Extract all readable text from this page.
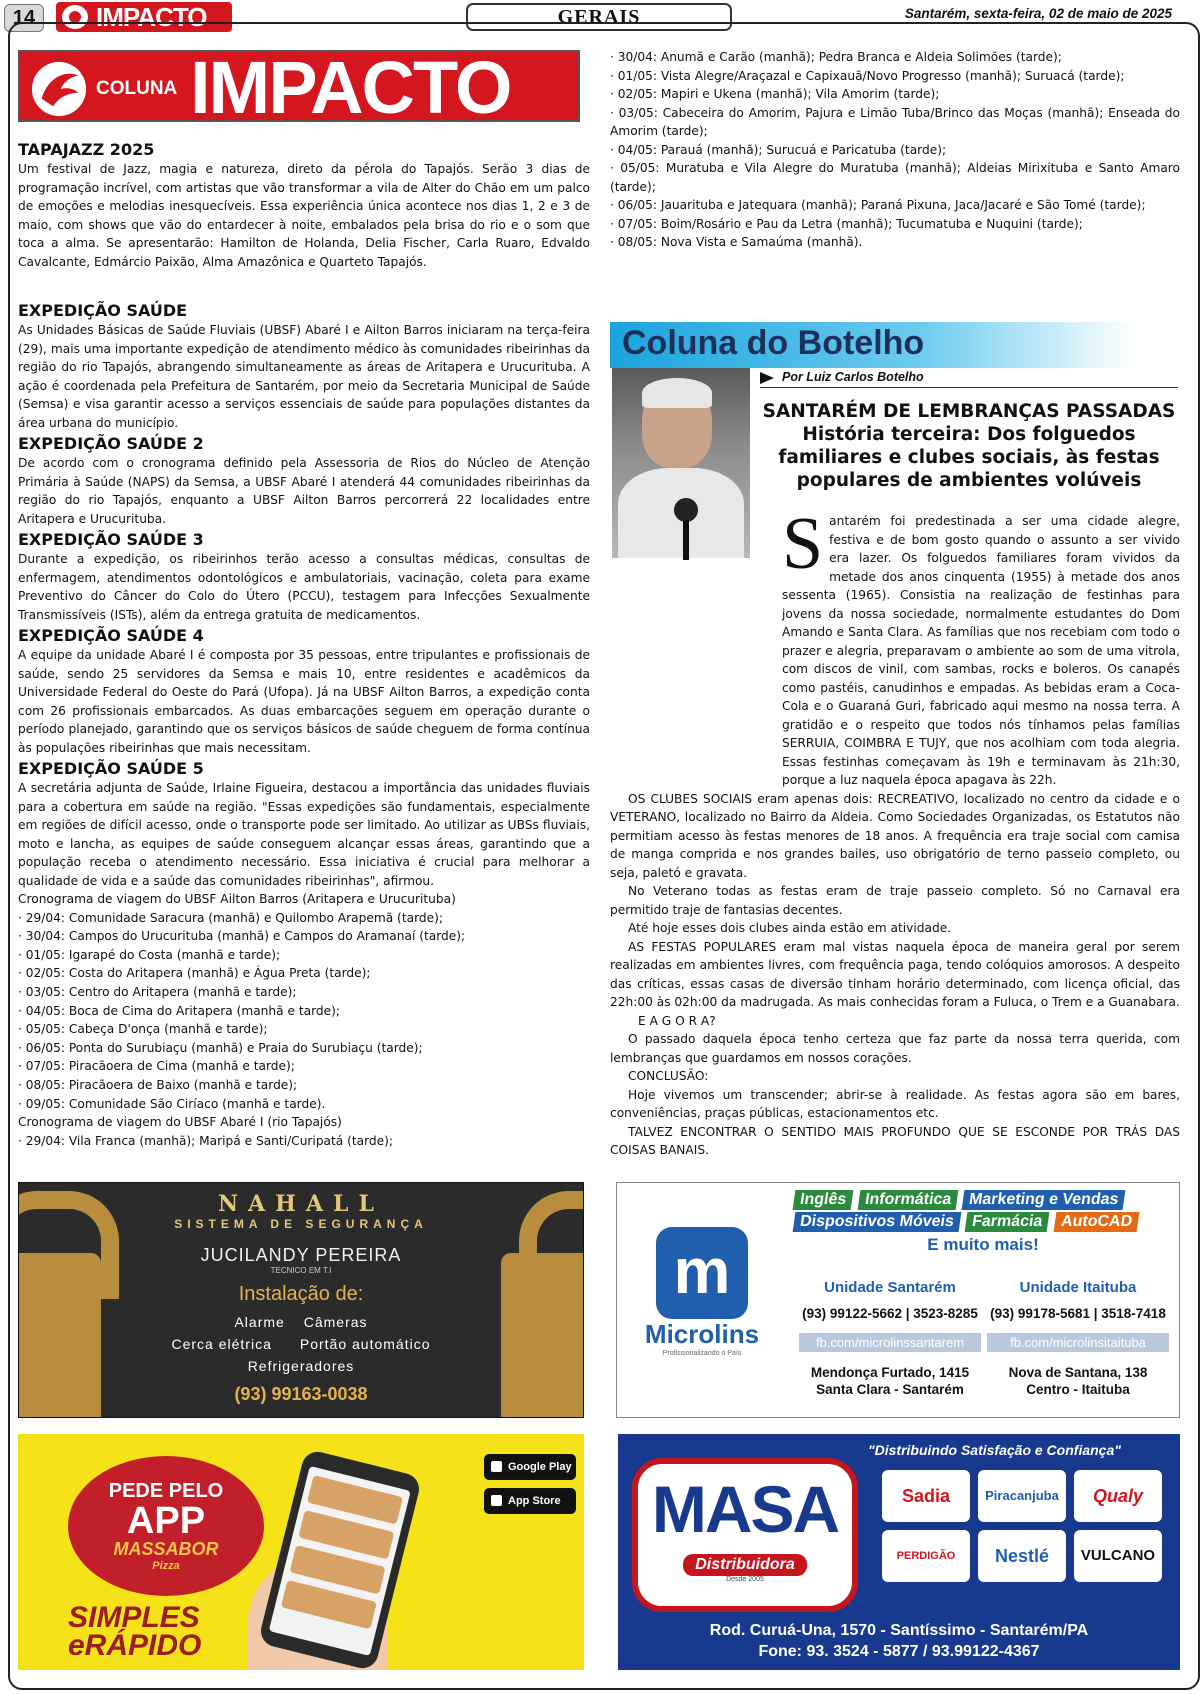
14	IMPACTO	GERAIS	Santarém, sexta-feira, 02 de maio de 2025
COLUNA IMPACTO
TAPAJAZZ 2025

Um festival de Jazz, magia e natureza, direto da pérola do Tapajós. Serão 3 dias de programação incrível, com artistas que vão transformar a vila de Alter do Chão em um palco de emoções e melodias inesquecíveis. Essa experiência única acontece nos dias 1, 2 e 3 de maio, com shows que vão do entardecer à noite, embalados pela brisa do rio e o som que toca a alma. Se apresentarão: Hamilton de Holanda, Delia Fischer, Carla Ruaro, Edvaldo Cavalcante, Edmárcio Paixão, Alma Amazônica e Quarteto Tapajós.

EXPEDIÇÃO SAÚDE

As Unidades Básicas de Saúde Fluviais (UBSF) Abaré I e Ailton Barros iniciaram na terça-feira (29), mais uma importante expedição de atendimento médico às comunidades ribeirinhas da região do rio Tapajós, abrangendo simultaneamente as áreas de Aritapera e Urucurituba. A ação é coordenada pela Prefeitura de Santarém, por meio da Secretaria Municipal de Saúde (Semsa) e visa garantir acesso a serviços essenciais de saúde para populações distantes da área urbana do município.

EXPEDIÇÃO SAÚDE 2

De acordo com o cronograma definido pela Assessoria de Rios do Núcleo de Atenção Primária à Saúde (NAPS) da Semsa, a UBSF Abaré I atenderá 44 comunidades ribeirinhas da região do rio Tapajós, enquanto a UBSF Ailton Barros percorrerá 22 localidades entre Aritapera e Urucurituba.

EXPEDIÇÃO SAÚDE 3

Durante a expedição, os ribeirinhos terão acesso a consultas médicas, consultas de enfermagem, atendimentos odontológicos e ambulatoriais, vacinação, coleta para exame Preventivo do Câncer do Colo do Útero (PCCU), testagem para Infecções Sexualmente Transmissíveis (ISTs), além da entrega gratuita de medicamentos.

EXPEDIÇÃO SAÚDE 4

A equipe da unidade Abaré I é composta por 35 pessoas, entre tripulantes e profissionais de saúde, sendo 25 servidores da Semsa e mais 10, entre residentes e acadêmicos da Universidade Federal do Oeste do Pará (Ufopa). Já na UBSF Ailton Barros, a expedição conta com 26 profissionais embarcados. As duas embarcações seguem em operação durante o período planejado, garantindo que os serviços básicos de saúde cheguem de forma contínua às populações ribeirinhas que mais necessitam.

EXPEDIÇÃO SAÚDE 5

A secretária adjunta de Saúde, Irlaine Figueira, destacou a importância das unidades fluviais para a cobertura em saúde na região. "Essas expedições são fundamentais, especialmente em regiões de difícil acesso, onde o transporte pode ser limitado. Ao utilizar as UBSs fluviais, moto e lancha, as equipes de saúde conseguem alcançar essas áreas, garantindo que a população receba o atendimento necessário. Essa iniciativa é crucial para melhorar a qualidade de vida e a saúde das comunidades ribeirinhas", afirmou.

Cronograma de viagem do UBSF Ailton Barros (Aritapera e Urucurituba)
· 29/04: Comunidade Saracura (manhã) e Quilombo Arapemã (tarde);
· 30/04: Campos do Urucurituba (manhã) e Campos do Aramanaí (tarde);
· 01/05: Igarapé do Costa (manhã e tarde);
· 02/05: Costa do Aritapera (manhã) e Água Preta (tarde);
· 03/05: Centro do Aritapera (manhã e tarde);
· 04/05: Boca de Cima do Aritapera (manhã e tarde);
· 05/05: Cabeça D'onça (manhã e tarde);
· 06/05: Ponta do Surubiaçu (manhã) e Praia do Surubiaçu (tarde);
· 07/05: Piracãoera de Cima (manhã e tarde);
· 08/05: Piracãoera de Baixo (manhã e tarde);
· 09/05: Comunidade São Ciríaco (manhã e tarde).
Cronograma de viagem do UBSF Abaré I (rio Tapajós)
· 29/04: Vila Franca (manhã); Maripá e Santi/Curipatá (tarde);

· 30/04: Anumã e Carão (manhã); Pedra Branca e Aldeia Solimões (tarde);

· 01/05: Vista Alegre/Araçazal e Capixauã/Novo Progresso (manhã); Suruacá (tarde);

· 02/05: Mapiri e Ukena (manhã); Vila Amorim (tarde);

· 03/05: Cabeceira do Amorim, Pajura e Limão Tuba/Brinco das Moças (manhã); Enseada do Amorim (tarde);

· 04/05: Parauá (manhã); Surucuá e Paricatuba (tarde);

· 05/05: Muratuba e Vila Alegre do Muratuba (manhã); Aldeias Mirixituba e Santo Amaro (tarde);

· 06/05: Jauarituba e Jatequara (manhã); Paraná Pixuna, Jaca/Jacaré e São Tomé (tarde);

· 07/05: Boim/Rosário e Pau da Letra (manhã); Tucumatuba e Nuquini (tarde);

· 08/05: Nova Vista e Samaúma (manhã).

Coluna do Botelho
Por Luiz Carlos Botelho
SANTARÉM DE LEMBRANÇAS PASSADAS
História terceira: Dos folguedos familiares e clubes sociais, às festas populares de ambientes volúveis

Santarém foi predestinada a ser uma cidade alegre, festiva e de bom gosto quando o assunto a ser vivido era lazer. Os folguedos familiares foram vividos da metade dos anos cinquenta (1955) à metade dos anos sessenta (1965). Consistia na realização de festinhas para jovens da nossa sociedade, normalmente estudantes do Dom Amando e Santa Clara. As famílias que nos recebiam com todo o prazer e alegria, preparavam o ambiente ao som de uma vitrola, com discos de vinil, com sambas, rocks e boleros. Os canapés como pastéis, canudinhos e empadas. As bebidas eram a Coca-Cola e o Guaraná Guri, fabricado aqui mesmo na nossa terra. A gratidão e o respeito que todos nós tínhamos pelas famílias SERRUIA, COIMBRA E TUJY, que nos acolhiam com toda alegria. Essas festinhas começavam às 19h e terminavam às 21h:30, porque a luz naquela época apagava às 22h.

OS CLUBES SOCIAIS eram apenas dois: RECREATIVO, localizado no centro da cidade e o VETERANO, localizado no Bairro da Aldeia. Como Sociedades Organizadas, os Estatutos não permitiam acesso às festas menores de 18 anos. A frequência era traje social com camisa de manga comprida e nos grandes bailes, uso obrigatório de terno passeio completo, ou seja, paletó e gravata.

No Veterano todas as festas eram de traje passeio completo. Só no Carnaval era permitido traje de fantasias decentes.

Até hoje esses dois clubes ainda estão em atividade.

AS FESTAS POPULARES eram mal vistas naquela época de maneira geral por serem realizadas em ambientes livres, com frequência paga, tendo colóquios amorosos. A despeito das críticas, essas casas de diversão tinham horário determinado, com licença oficial, das 22h:00 às 02h:00 da madrugada. As mais conhecidas foram a Fuluca, o Trem e a Guanabara.

E A G O R A?

O passado daquela época tenho certeza que faz parte da nossa terra querida, com lembranças que guardamos em nossos corações.

CONCLUSÃO:

Hoje vivemos um transcender; abrir-se à realidade. As festas agora são em bares, conveniências, praças públicas, estacionamentos etc.

TALVEZ ENCONTRAR O SENTIDO MAIS PROFUNDO QUE SE ESCONDE POR TRÁS DAS COISAS BANAIS.

NAHALL
SISTEMA DE SEGURANÇA
JUCILANDY PEREIRA
TECNICO EM T.I
Instalação de:
Alarme Câmeras
Cerca elétrica Portão automático
Refrigeradores
(93) 99163-0038
Inglês Informática Marketing e Vendas Dispositivos Móveis Farmácia AutoCAD
E muito mais!
m
Microlins
Profissionalizando o País
Unidade Santarém
(93) 99122-5662 | 3523-8285
fb.com/microlinssantarem
Mendonça Furtado, 1415
Santa Clara - Santarém
Unidade Itaituba
(93) 99178-5681 | 3518-7418
fb.com/microlinsitaituba
Nova de Santana, 138
Centro - Itaituba
PEDE PELO
APP
MASSABOR
Pizza
SIMPLES
eRÁPIDO
Google Play
App Store
"Distribuindo Satisfação e Confiança"
MASA
Distribuidora
Desde 2005
Sadia	Piracanjuba	Qualy
PERDIGÃO	Nestlé	VULCANO
Rod. Curuá-Una, 1570 - Santíssimo - Santarém/PA
Fone: 93. 3524 - 5877 / 93.99122-4367
